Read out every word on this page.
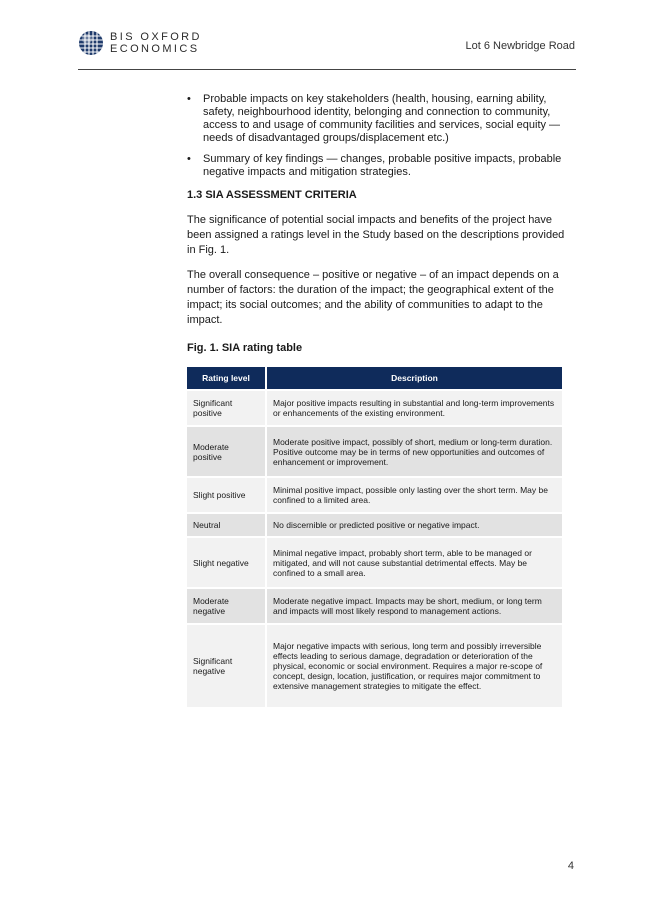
BIS OXFORD
ECONOMICS	Lot 6 Newbridge Road
• Probable impacts on key stakeholders (health, housing, earning ability, safety, neighbourhood identity, belonging and connection to community, access to and usage of community facilities and services, social equity — needs of disadvantaged groups/displacement etc.)
• Summary of key findings — changes, probable positive impacts, probable negative impacts and mitigation strategies.
1.3 SIA ASSESSMENT CRITERIA

The significance of potential social impacts and benefits of the project have been assigned a ratings level in the Study based on the descriptions provided in Fig. 1.

The overall consequence – positive or negative – of an impact depends on a number of factors: the duration of the impact; the geographical extent of the impact; its social outcomes; and the ability of communities to adapt to the impact.

Fig. 1. SIA rating table
Rating level	Description
Significant positive	Major positive impacts resulting in substantial and long-term improvements or enhancements of the existing environment.
Moderate positive	Moderate positive impact, possibly of short, medium or long-term duration. Positive outcome may be in terms of new opportunities and outcomes of enhancement or improvement.
Slight positive	Minimal positive impact, possible only lasting over the short term. May be confined to a limited area.
Neutral	No discernible or predicted positive or negative impact.
Slight negative	Minimal negative impact, probably short term, able to be managed or mitigated, and will not cause substantial detrimental effects. May be confined to a small area.
Moderate negative	Moderate negative impact. Impacts may be short, medium, or long term and impacts will most likely respond to management actions.
Significant negative	Major negative impacts with serious, long term and possibly irreversible effects leading to serious damage, degradation or deterioration of the physical, economic or social environment. Requires a major re-scope of concept, design, location, justification, or requires major commitment to extensive management strategies to mitigate the effect.
4
